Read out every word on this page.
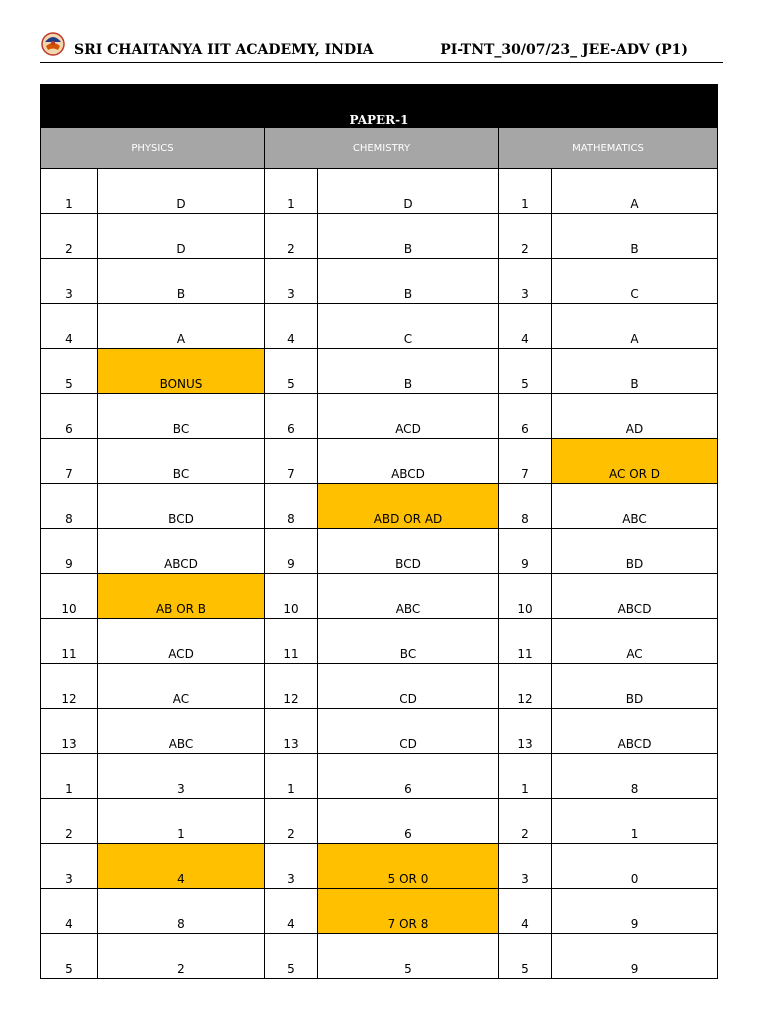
SRI CHAITANYA IIT ACADEMY, INDIA	PI-TNT_30/07/23_ JEE-ADV (P1)
PAPER-1					
PHYSICS		CHEMISTRY		MATHEMATICS	
1	D	1	D	1	A
2	D	2	B	2	B
3	B	3	B	3	C
4	A	4	C	4	A
5	BONUS	5	B	5	B
6	BC	6	ACD	6	AD
7	BC	7	ABCD	7	AC OR D
8	BCD	8	ABD OR AD	8	ABC
9	ABCD	9	BCD	9	BD
10	AB OR B	10	ABC	10	ABCD
11	ACD	11	BC	11	AC
12	AC	12	CD	12	BD
13	ABC	13	CD	13	ABCD
1	3	1	6	1	8
2	1	2	6	2	1
3	4	3	5 OR 0	3	0
4	8	4	7 OR 8	4	9
5	2	5	5	5	9
